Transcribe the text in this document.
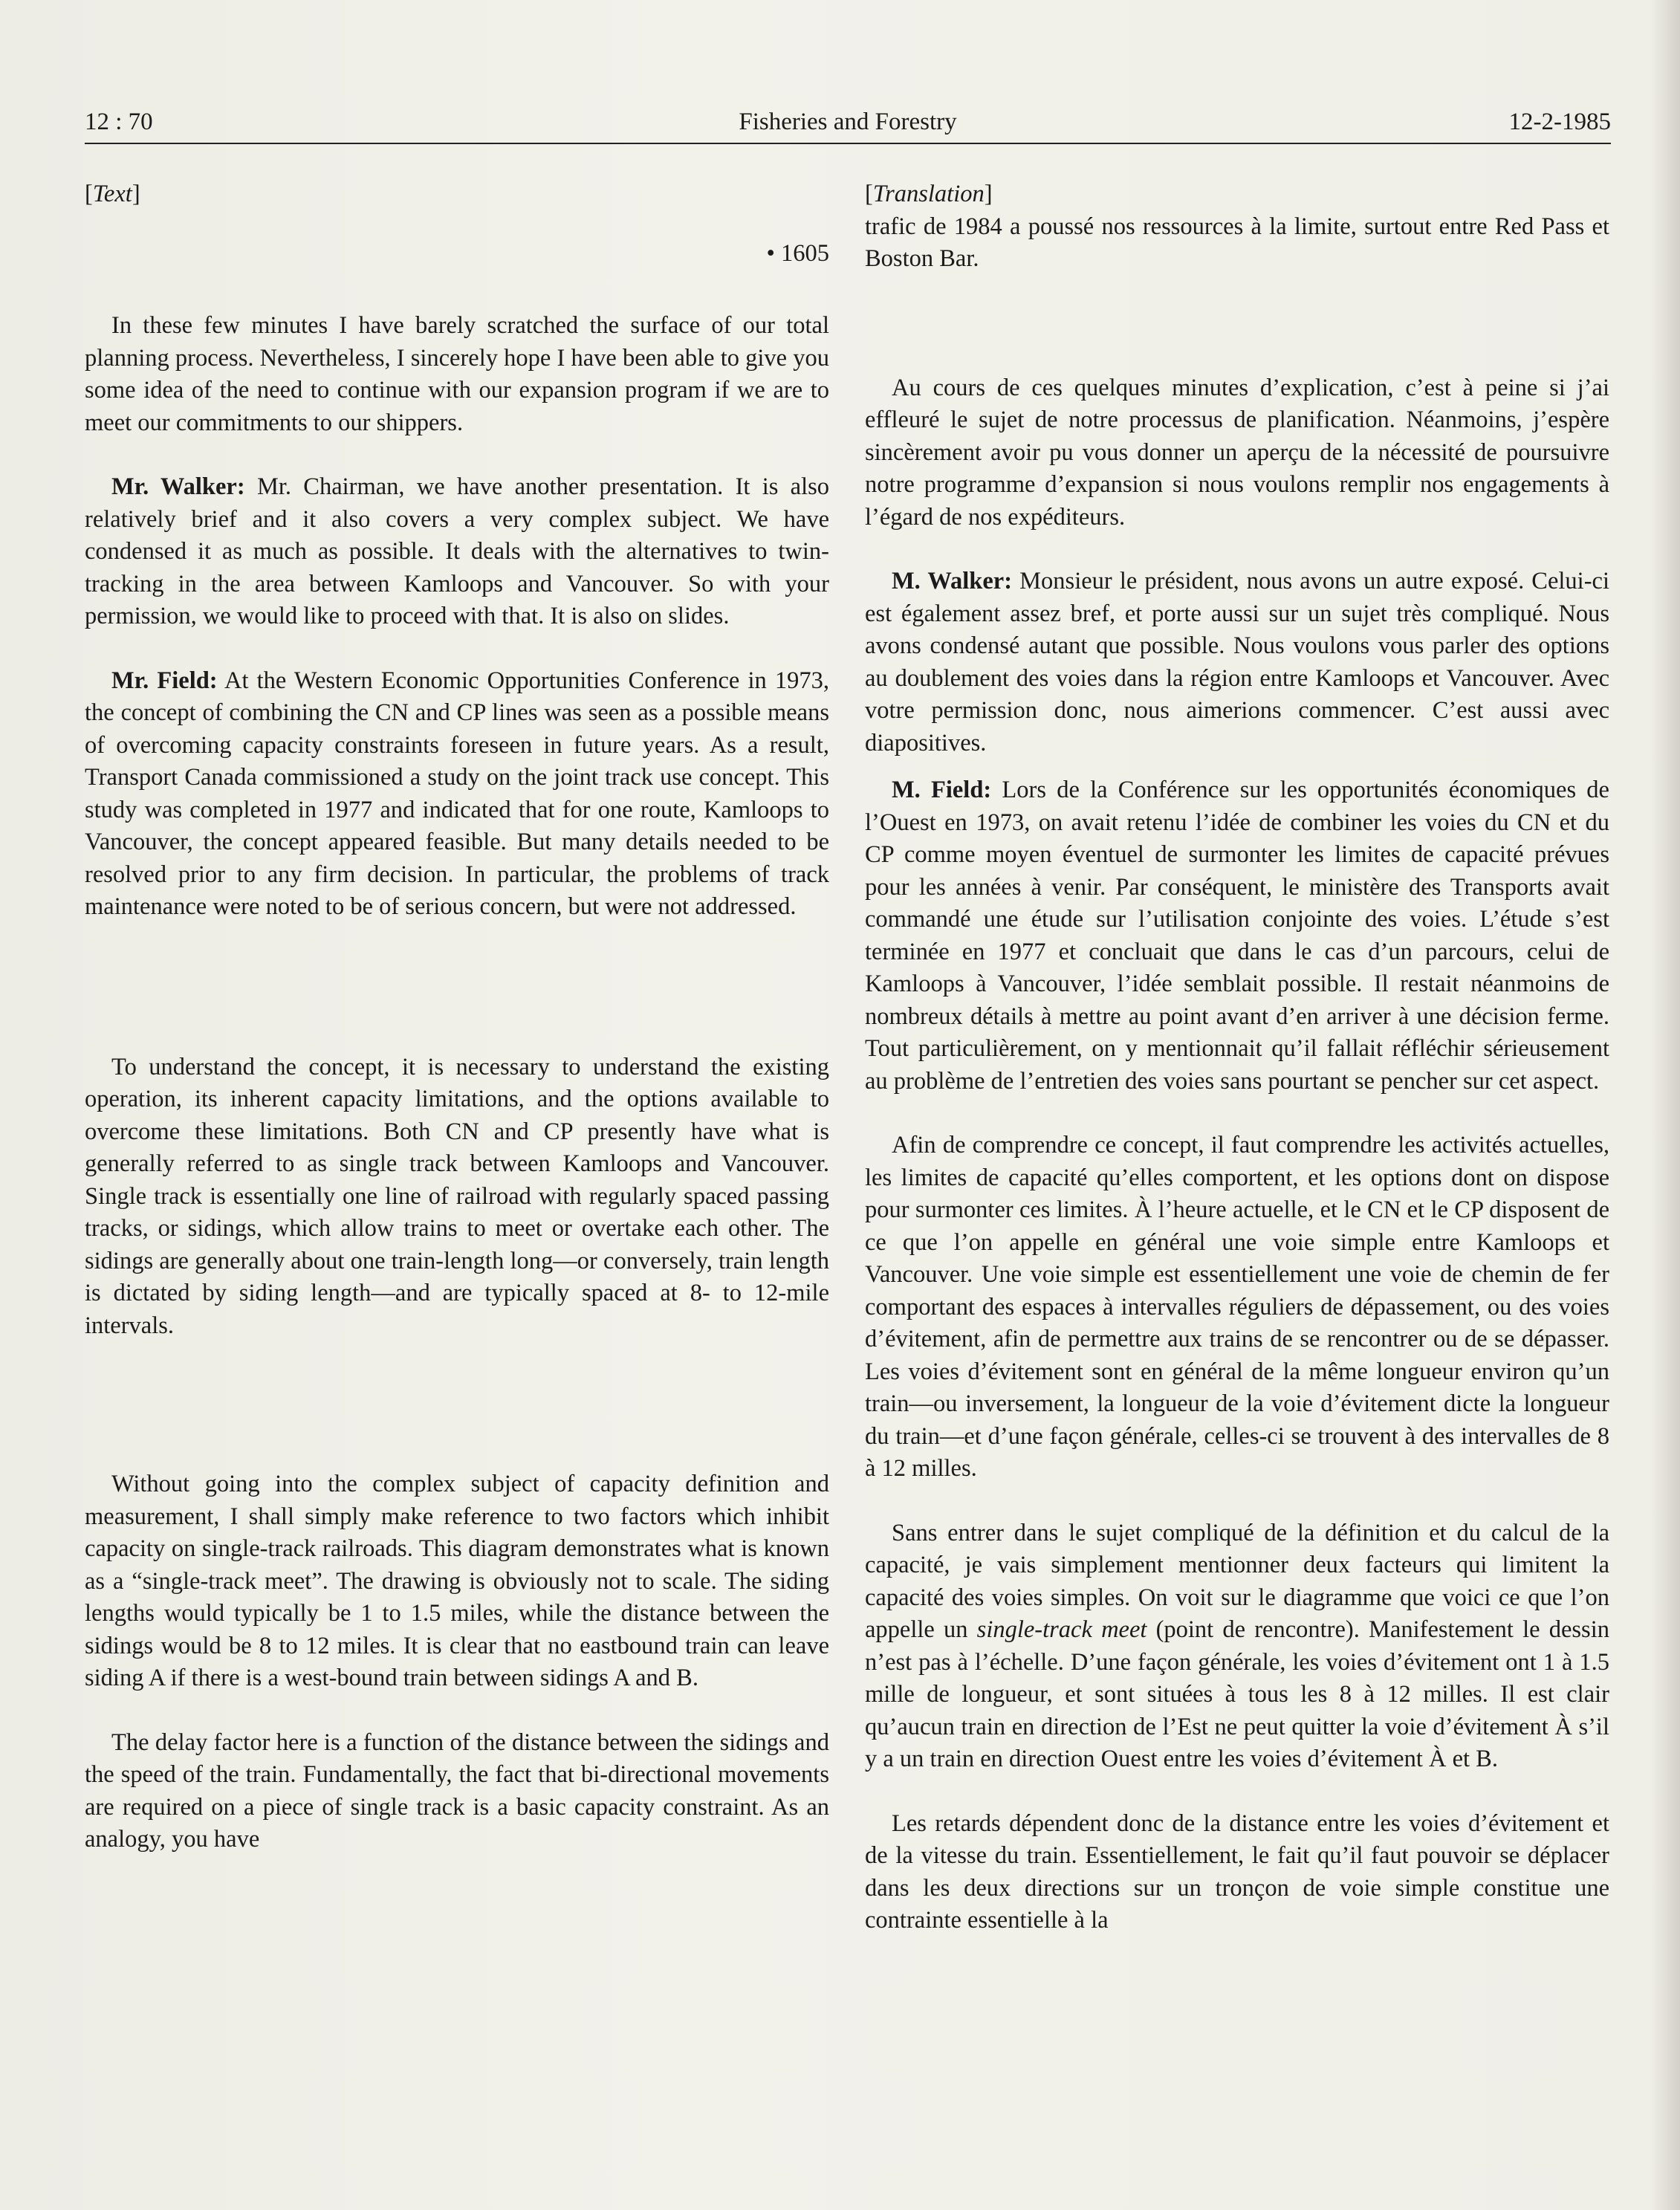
12 : 70	Fisheries and Forestry	12-2-1985

[Text]

• 1605

In these few minutes I have barely scratched the surface of our total planning process. Nevertheless, I sincerely hope I have been able to give you some idea of the need to continue with our expansion program if we are to meet our commitments to our shippers.

Mr. Walker: Mr. Chairman, we have another presentation. It is also relatively brief and it also covers a very complex subject. We have condensed it as much as possible. It deals with the alternatives to twin-tracking in the area between Kamloops and Vancouver. So with your permission, we would like to proceed with that. It is also on slides.

Mr. Field: At the Western Economic Opportunities Conference in 1973, the concept of combining the CN and CP lines was seen as a possible means of overcoming capacity constraints foreseen in future years. As a result, Transport Canada commissioned a study on the joint track use concept. This study was completed in 1977 and indicated that for one route, Kamloops to Vancouver, the concept appeared feasible. But many details needed to be resolved prior to any firm decision. In particular, the problems of track maintenance were noted to be of serious concern, but were not addressed.

To understand the concept, it is necessary to understand the existing operation, its inherent capacity limitations, and the options available to overcome these limitations. Both CN and CP presently have what is generally referred to as single track between Kamloops and Vancouver. Single track is essentially one line of railroad with regularly spaced passing tracks, or sidings, which allow trains to meet or overtake each other. The sidings are generally about one train-length long—or conversely, train length is dictated by siding length—and are typically spaced at 8- to 12-mile intervals.

Without going into the complex subject of capacity definition and measurement, I shall simply make reference to two factors which inhibit capacity on single-track railroads. This diagram demonstrates what is known as a “single-track meet”. The drawing is obviously not to scale. The siding lengths would typically be 1 to 1.5 miles, while the distance between the sidings would be 8 to 12 miles. It is clear that no eastbound train can leave siding A if there is a west-bound train between sidings A and B.

The delay factor here is a function of the distance between the sidings and the speed of the train. Fundamentally, the fact that bi-directional movements are required on a piece of single track is a basic capacity constraint. As an analogy, you have

[Translation]

trafic de 1984 a poussé nos ressources à la limite, surtout entre Red Pass et Boston Bar.

Au cours de ces quelques minutes d’explication, c’est à peine si j’ai effleuré le sujet de notre processus de planification. Néanmoins, j’espère sincèrement avoir pu vous donner un aperçu de la nécessité de poursuivre notre programme d’expansion si nous voulons remplir nos engagements à l’égard de nos expéditeurs.

M. Walker: Monsieur le président, nous avons un autre exposé. Celui-ci est également assez bref, et porte aussi sur un sujet très compliqué. Nous avons condensé autant que possible. Nous voulons vous parler des options au doublement des voies dans la région entre Kamloops et Vancouver. Avec votre permission donc, nous aimerions commencer. C’est aussi avec diapositives.

M. Field: Lors de la Conférence sur les opportunités économiques de l’Ouest en 1973, on avait retenu l’idée de combiner les voies du CN et du CP comme moyen éventuel de surmonter les limites de capacité prévues pour les années à venir. Par conséquent, le ministère des Transports avait commandé une étude sur l’utilisation conjointe des voies. L’étude s’est terminée en 1977 et concluait que dans le cas d’un parcours, celui de Kamloops à Vancouver, l’idée semblait possible. Il restait néanmoins de nombreux détails à mettre au point avant d’en arriver à une décision ferme. Tout particulièrement, on y mentionnait qu’il fallait réfléchir sérieusement au problème de l’entretien des voies sans pourtant se pencher sur cet aspect.

Afin de comprendre ce concept, il faut comprendre les activités actuelles, les limites de capacité qu’elles comportent, et les options dont on dispose pour surmonter ces limites. À l’heure actuelle, et le CN et le CP disposent de ce que l’on appelle en général une voie simple entre Kamloops et Vancouver. Une voie simple est essentiellement une voie de chemin de fer comportant des espaces à intervalles réguliers de dépassement, ou des voies d’évitement, afin de permettre aux trains de se rencontrer ou de se dépasser. Les voies d’évitement sont en général de la même longueur environ qu’un train—ou inversement, la longueur de la voie d’évitement dicte la longueur du train—et d’une façon générale, celles-ci se trouvent à des intervalles de 8 à 12 milles.

Sans entrer dans le sujet compliqué de la définition et du calcul de la capacité, je vais simplement mentionner deux facteurs qui limitent la capacité des voies simples. On voit sur le diagramme que voici ce que l’on appelle un single-track meet (point de rencontre). Manifestement le dessin n’est pas à l’échelle. D’une façon générale, les voies d’évitement ont 1 à 1.5 mille de longueur, et sont situées à tous les 8 à 12 milles. Il est clair qu’aucun train en direction de l’Est ne peut quitter la voie d’évitement À s’il y a un train en direction Ouest entre les voies d’évitement À et B.

Les retards dépendent donc de la distance entre les voies d’évitement et de la vitesse du train. Essentiellement, le fait qu’il faut pouvoir se déplacer dans les deux directions sur un tronçon de voie simple constitue une contrainte essentielle à la
